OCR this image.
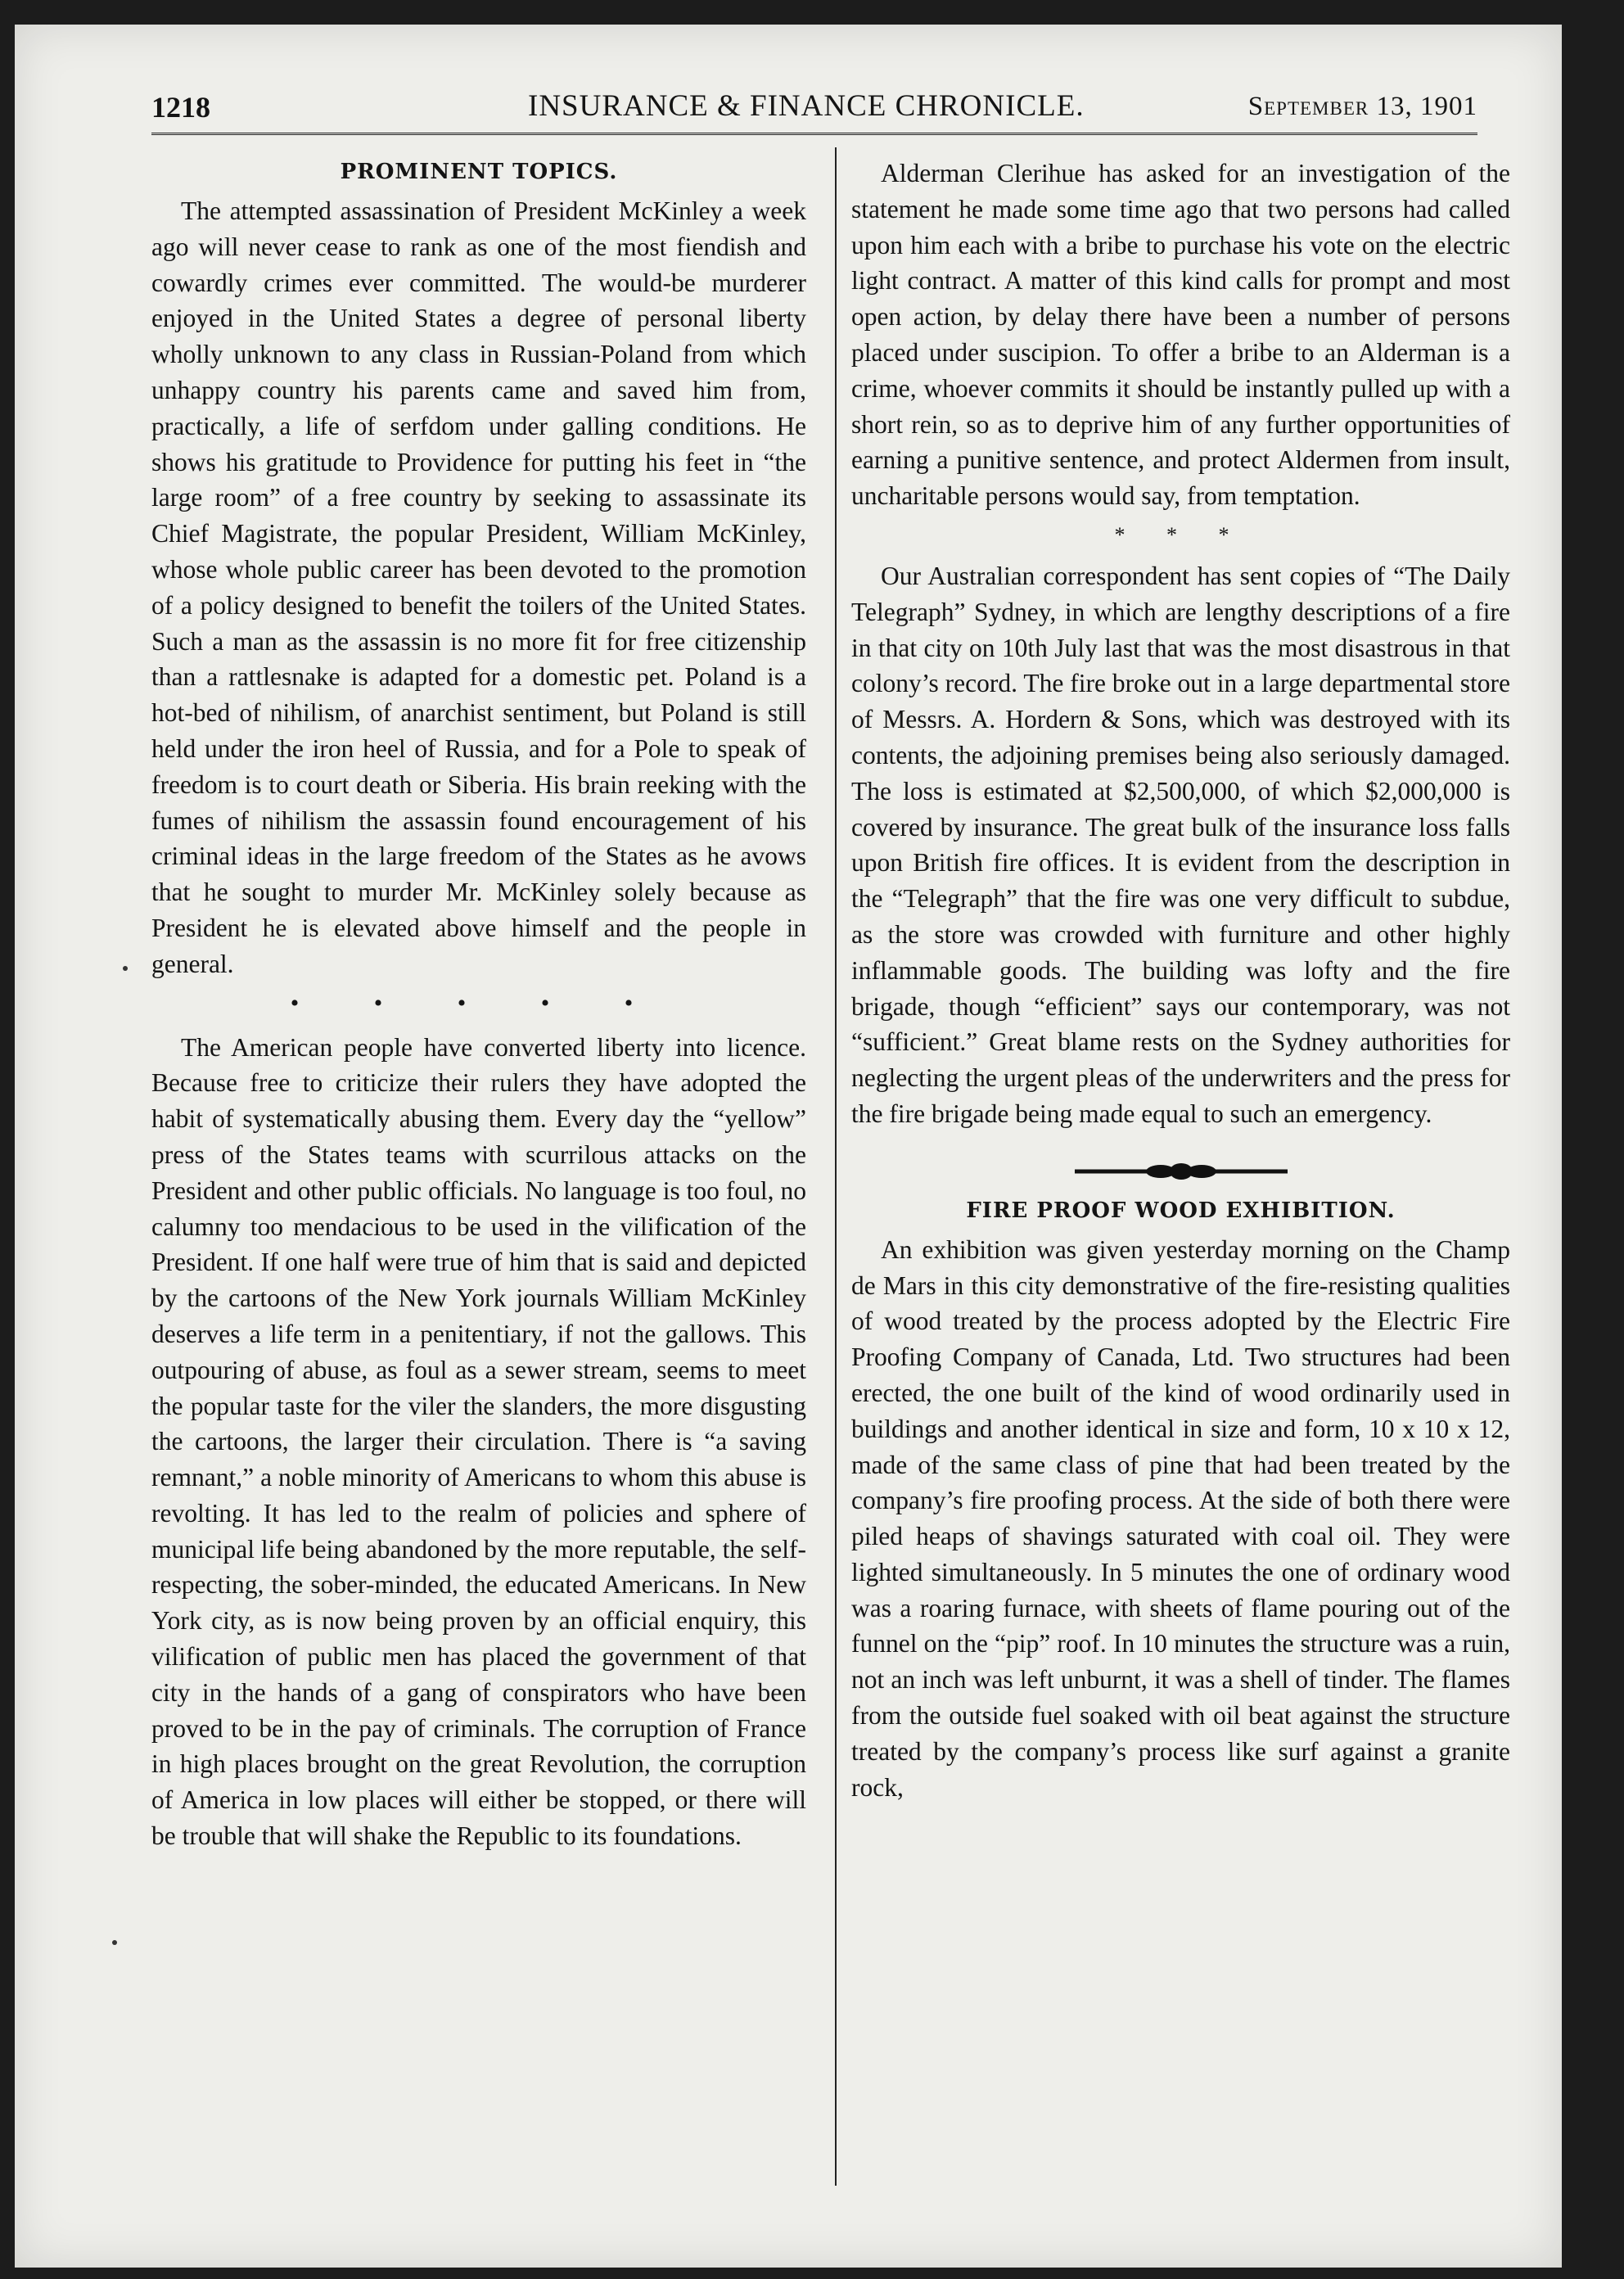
1218	INSURANCE & FINANCE CHRONICLE.	September 13, 1901
PROMINENT TOPICS.

The attempted assassination of President McKinley a week ago will never cease to rank as one of the most fiendish and cowardly crimes ever committed. The would-be murderer enjoyed in the United States a degree of personal liberty wholly unknown to any class in Russian-Poland from which unhappy country his parents came and saved him from, practically, a life of serfdom under galling conditions. He shows his gratitude to Providence for putting his feet in “the large room” of a free country by seeking to assassinate its Chief Magistrate, the popular President, William McKinley, whose whole public career has been devoted to the promotion of a policy designed to benefit the toilers of the United States. Such a man as the assassin is no more fit for free citizenship than a rattlesnake is adapted for a domestic pet. Poland is a hot-bed of nihilism, of anarchist sentiment, but Poland is still held under the iron heel of Russia, and for a Pole to speak of freedom is to court death or Siberia. His brain reeking with the fumes of nihilism the assassin found encouragement of his criminal ideas in the large freedom of the States as he avows that he sought to murder Mr. McKinley solely because as President he is elevated above himself and the people in general.

• • • • •

The American people have converted liberty into licence. Because free to criticize their rulers they have adopted the habit of systematically abusing them. Every day the “yellow” press of the States teams with scurrilous attacks on the President and other public officials. No language is too foul, no calumny too mendacious to be used in the vilification of the President. If one half were true of him that is said and depicted by the cartoons of the New York journals William McKinley deserves a life term in a penitentiary, if not the gallows. This outpouring of abuse, as foul as a sewer stream, seems to meet the popular taste for the viler the slanders, the more disgusting the cartoons, the larger their circulation. There is “a saving remnant,” a noble minority of Americans to whom this abuse is revolting. It has led to the realm of policies and sphere of municipal life being abandoned by the more reputable, the self-respecting, the sober-minded, the educated Americans. In New York city, as is now being proven by an official enquiry, this vilification of public men has placed the government of that city in the hands of a gang of conspirators who have been proved to be in the pay of criminals. The corruption of France in high places brought on the great Revolution, the corruption of America in low places will either be stopped, or there will be trouble that will shake the Republic to its foundations.

Alderman Clerihue has asked for an investigation of the statement he made some time ago that two persons had called upon him each with a bribe to purchase his vote on the electric light contract. A matter of this kind calls for prompt and most open action, by delay there have been a number of persons placed under suscipion. To offer a bribe to an Alderman is a crime, whoever commits it should be instantly pulled up with a short rein, so as to deprive him of any further opportunities of earning a punitive sentence, and protect Aldermen from insult, uncharitable persons would say, from temptation.

* * *

Our Australian correspondent has sent copies of “The Daily Telegraph” Sydney, in which are lengthy descriptions of a fire in that city on 10th July last that was the most disastrous in that colony’s record. The fire broke out in a large departmental store of Messrs. A. Hordern & Sons, which was destroyed with its contents, the adjoining premises being also seriously damaged. The loss is estimated at $2,500,000, of which $2,000,000 is covered by insurance. The great bulk of the insurance loss falls upon British fire offices. It is evident from the description in the “Telegraph” that the fire was one very difficult to subdue, as the store was crowded with furniture and other highly inflammable goods. The building was lofty and the fire brigade, though “efficient” says our contemporary, was not “sufficient.” Great blame rests on the Sydney authorities for neglecting the urgent pleas of the underwriters and the press for the fire brigade being made equal to such an emergency.

FIRE PROOF WOOD EXHIBITION.

An exhibition was given yesterday morning on the Champ de Mars in this city demonstrative of the fire-resisting qualities of wood treated by the process adopted by the Electric Fire Proofing Company of Canada, Ltd. Two structures had been erected, the one built of the kind of wood ordinarily used in buildings and another identical in size and form, 10 x 10 x 12, made of the same class of pine that had been treated by the company’s fire proofing process. At the side of both there were piled heaps of shavings saturated with coal oil. They were lighted simultaneously. In 5 minutes the one of ordinary wood was a roaring furnace, with sheets of flame pouring out of the funnel on the “pip” roof. In 10 minutes the structure was a ruin, not an inch was left unburnt, it was a shell of tinder. The flames from the outside fuel soaked with oil beat against the structure treated by the company’s process like surf against a granite rock,
